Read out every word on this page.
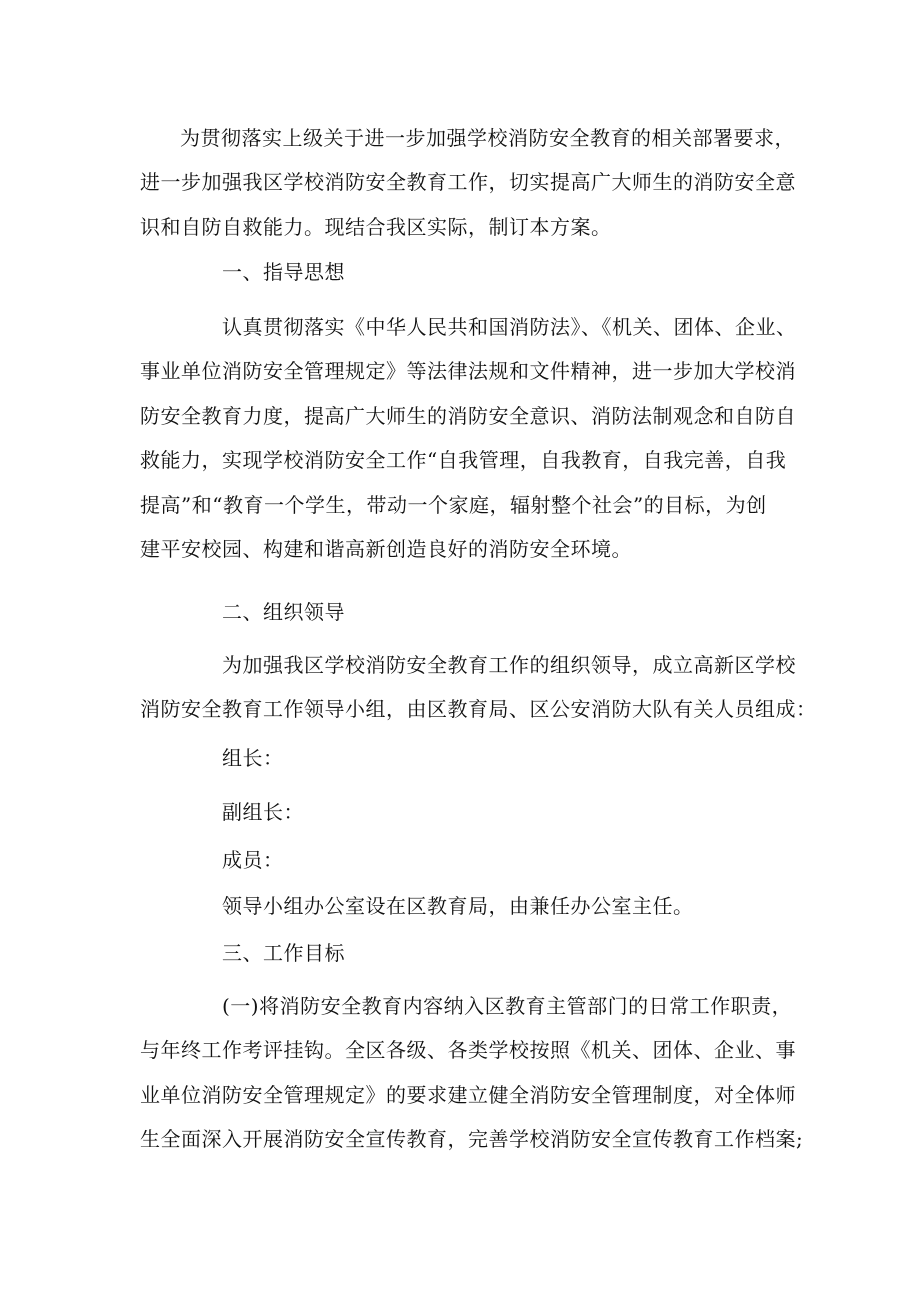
为贯彻落实上级关于进一步加强学校消防安全教育的相关部署要求，
进一步加强我区学校消防安全教育工作，切实提高广大师生的消防安全意
识和自防自救能力。现结合我区实际，制订本方案。

一、指导思想

认真贯彻落实《中华人民共和国消防法》、《机关、团体、企业、
事业单位消防安全管理规定》等法律法规和文件精神，进一步加大学校消
防安全教育力度，提高广大师生的消防安全意识、消防法制观念和自防自
救能力，实现学校消防安全工作“自我管理，自我教育，自我完善，自我
提高”和“教育一个学生，带动一个家庭，辐射整个社会”的目标，为创
建平安校园、构建和谐高新创造良好的消防安全环境。

二、组织领导

为加强我区学校消防安全教育工作的组织领导，成立高新区学校
消防安全教育工作领导小组，由区教育局、区公安消防大队有关人员组成：

组长：

副组长：

成员：

领导小组办公室设在区教育局，由兼任办公室主任。

三、工作目标

(一)将消防安全教育内容纳入区教育主管部门的日常工作职责，
与年终工作考评挂钩。全区各级、各类学校按照《机关、团体、企业、事
业单位消防安全管理规定》的要求建立健全消防安全管理制度，对全体师
生全面深入开展消防安全宣传教育，完善学校消防安全宣传教育工作档案;
